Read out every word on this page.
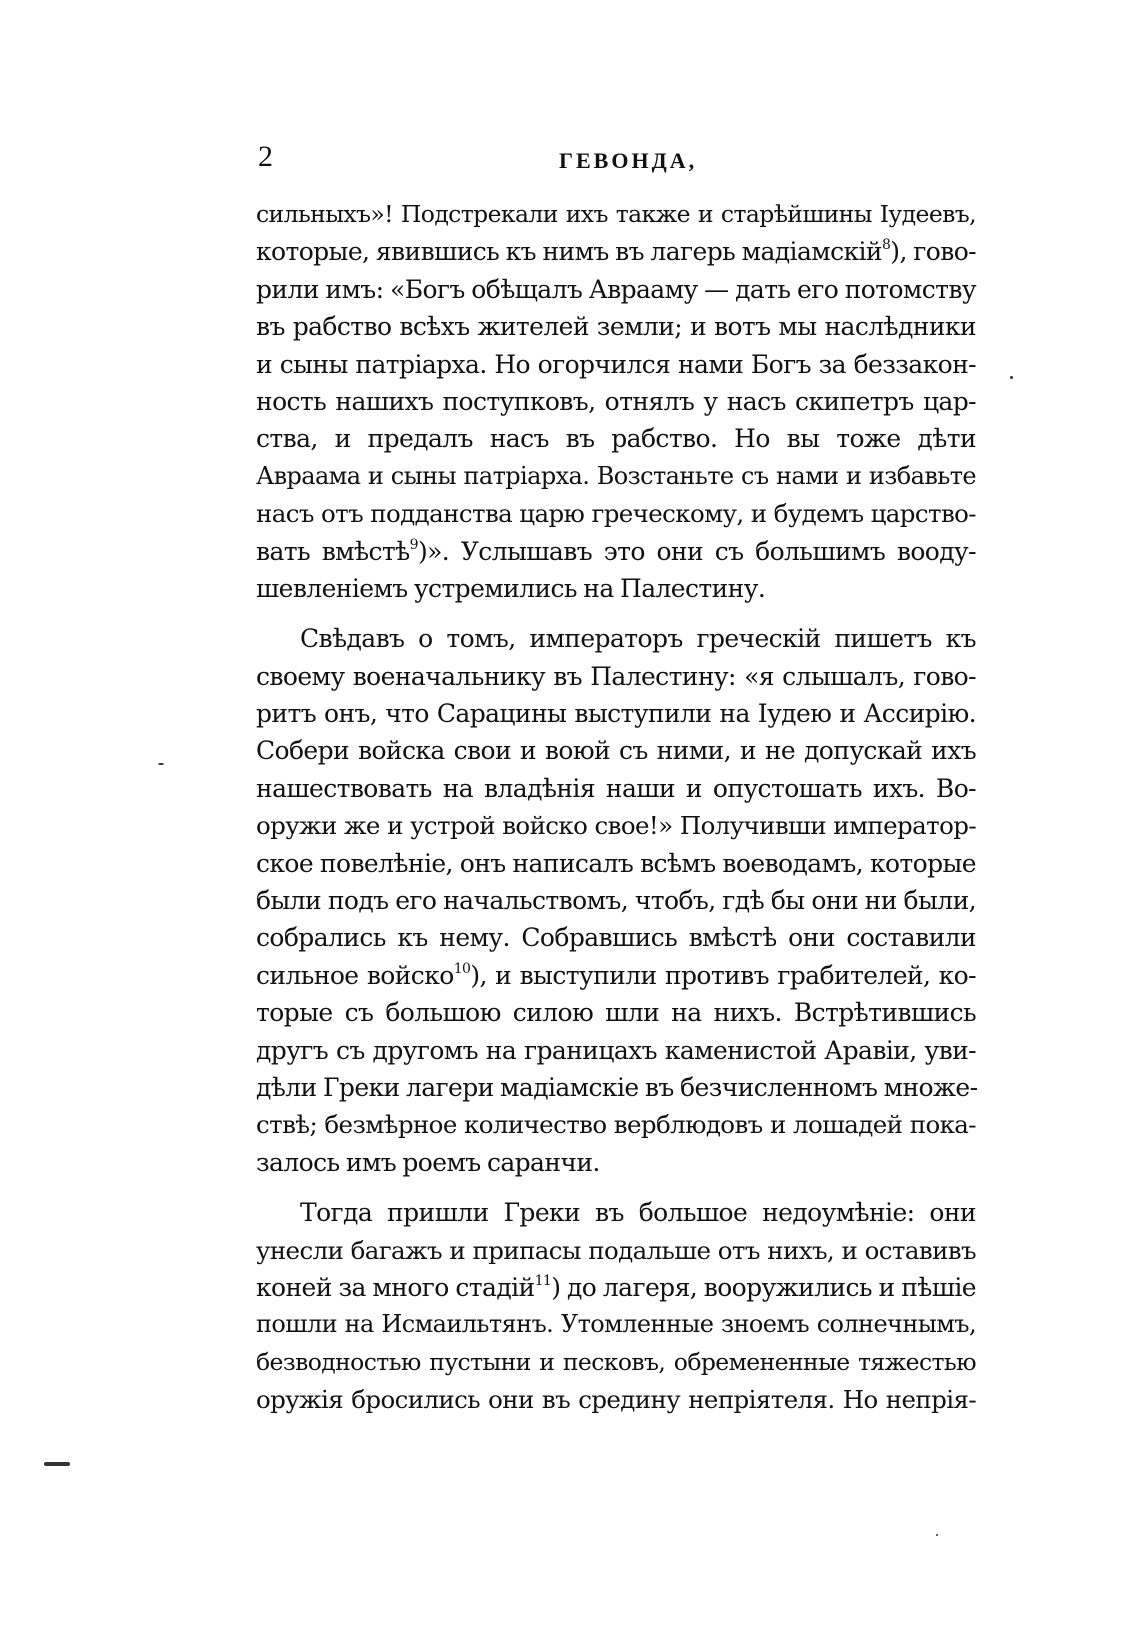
2	ГЕВОНДА,
сильныхъ»! Подстрекали ихъ также и старѣйшины Іудеевъ,
которые, явившись къ нимъ въ лагерь мадіамскій$^8$), гово-
рили имъ: «Богъ обѣщалъ Аврааму — дать его потомству
въ рабство всѣхъ жителей земли; и вотъ мы наслѣдники
и сыны патріарха. Но огорчился нами Богъ за беззакон-
ность нашихъ поступковъ, отнялъ у насъ скипетръ цар-
ства, и предалъ насъ въ рабство. Но вы тоже дѣти
Авраама и сыны патріарха. Возстаньте съ нами и избавьте
насъ отъ подданства царю греческому, и будемъ царство-
вать вмѣстѣ$^9$)». Услышавъ это они съ большимъ вооду-
шевленіемъ устремились на Палестину.
Свѣдавъ о томъ, императоръ греческій пишетъ къ
своему военачальнику въ Палестину: «я слышалъ, гово-
ритъ онъ, что Сарацины выступили на Іудею и Ассирію.
Собери войска свои и воюй съ ними, и не допускай ихъ
нашествовать на владѣнія наши и опустошать ихъ. Во-
оружи же и устрой войско свое!» Получивши император-
ское повелѣніе, онъ написалъ всѣмъ воеводамъ, которые
были подъ его начальствомъ, чтобъ, гдѣ бы они ни были,
собрались къ нему. Собравшись вмѣстѣ они составили
сильное войско$^{10}$), и выступили противъ грабителей, ко-
торые съ большою силою шли на нихъ. Встрѣтившись
другъ съ другомъ на границахъ каменистой Аравіи, уви-
дѣли Греки лагери мадіамскіе въ безчисленномъ множе-
ствѣ; безмѣрное количество верблюдовъ и лошадей пока-
залось имъ роемъ саранчи.
Тогда пришли Греки въ большое недоумѣніе: они
унесли багажъ и припасы подальше отъ нихъ, и оставивъ
коней за много стадій$^{11}$) до лагеря, вооружились и пѣшіе
пошли на Исмаильтянъ. Утомленные зноемъ солнечнымъ,
безводностью пустыни и песковъ, обремененные тяжестью
оружія бросились они въ средину непріятеля. Но непрія-
